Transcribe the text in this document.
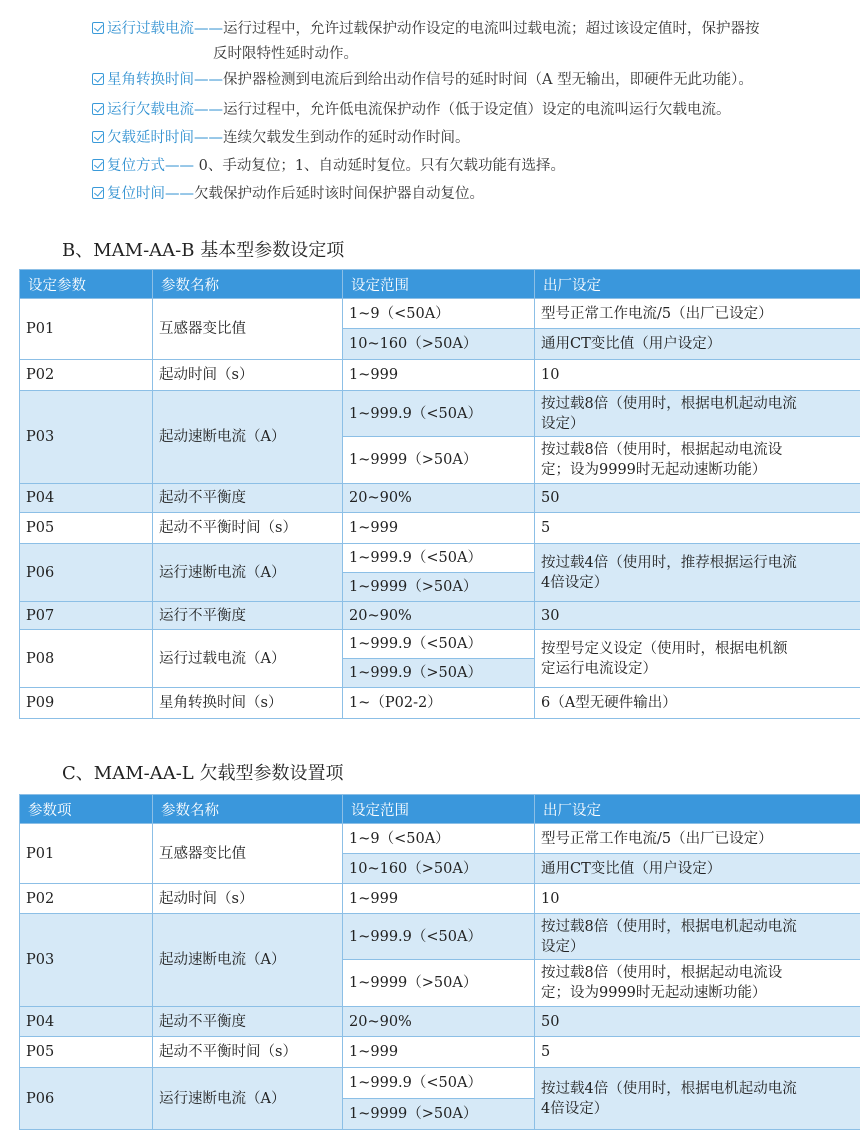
运行过载电流——运行过程中，允许过载保护动作设定的电流叫过载电流；超过该设定值时，保护器按
反时限特性延时动作。
星角转换时间——保护器检测到电流后到给出动作信号的延时时间（A 型无输出，即硬件无此功能）。
运行欠载电流——运行过程中，允许低电流保护动作（低于设定值）设定的电流叫运行欠载电流。
欠载延时时间——连续欠载发生到动作的延时动作时间。
复位方式—— 0、手动复位；1、自动延时复位。只有欠载功能有选择。
复位时间——欠载保护动作后延时该时间保护器自动复位。
B、MAM-AA-B 基本型参数设定项
设定参数	参数名称	设定范围	出厂设定
P01	互感器变比值	1~9（<50A）	型号正常工作电流/5（出厂已设定）
		10~160（>50A）	通用CT变比值（用户设定）
P02	起动时间（s）	1~999	10
P03	起动速断电流（A）	1~999.9（<50A）	按过载8倍（使用时，根据电机起动电流
设定）

		1~9999（>50A）	按过载8倍（使用时，根据起动电流设
定；设为9999时无起动速断功能）

P04	起动不平衡度	20~90%	50
P05	起动不平衡时间（s）	1~999	5
P06	运行速断电流（A）	1~999.9（<50A）	按过载4倍（使用时，推荐根据运行电流
4倍设定）

		1~9999（>50A）	
P07	运行不平衡度	20~90%	30
P08	运行过载电流（A）	1~999.9（<50A）	按型号定义设定（使用时，根据电机额
定运行电流设定）

		1~999.9（>50A）	
P09	星角转换时间（s）	1~（P02-2）	6（A型无硬件输出）
C、MAM-AA-L 欠载型参数设置项
参数项	参数名称	设定范围	出厂设定
P01	互感器变比值	1~9（<50A）	型号正常工作电流/5（出厂已设定）
		10~160（>50A）	通用CT变比值（用户设定）
P02	起动时间（s）	1~999	10
P03	起动速断电流（A）	1~999.9（<50A）	按过载8倍（使用时，根据电机起动电流
设定）

		1~9999（>50A）	按过载8倍（使用时，根据起动电流设
定；设为9999时无起动速断功能）

P04	起动不平衡度	20~90%	50
P05	起动不平衡时间（s）	1~999	5
P06	运行速断电流（A）	1~999.9（<50A）	按过载4倍（使用时，根据电机起动电流
4倍设定）

		1~9999（>50A）	
